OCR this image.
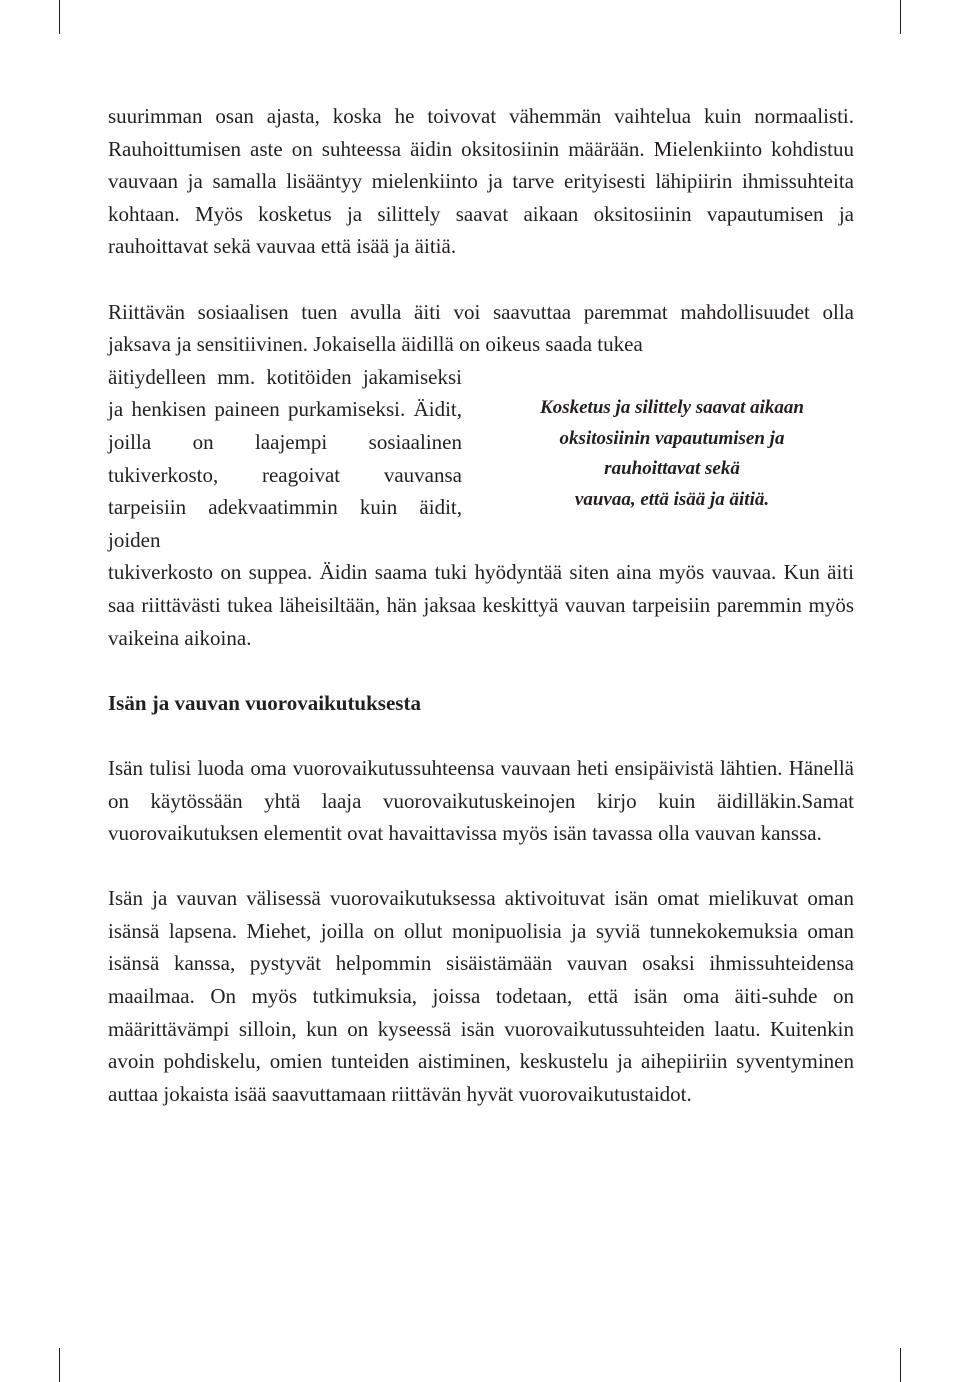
suurimman osan ajasta, koska he toivovat vähemmän vaihtelua kuin normaalisti. Rauhoittumisen aste on suhteessa äidin oksitosiinin määrään. Mielenkiinto kohdistuu vauvaan ja samalla lisääntyy mielenkiinto ja tarve erityisesti lähipiirin ihmissuhteita kohtaan. Myös kosketus ja silittely saavat aikaan oksitosiinin vapautumisen ja rauhoittavat sekä vauvaa että isää ja äitiä.

Riittävän sosiaalisen tuen avulla äiti voi saavuttaa paremmat mahdollisuudet olla jaksava ja sensitiivinen. Jokaisella äidillä on oikeus saada tukea

äitiydelleen mm. kotitöiden jakamiseksi ja henkisen paineen purkamiseksi. Äidit, joilla on laajempi sosiaalinen tukiverkosto, reagoivat vauvansa tarpeisiin adekvaatimmin kuin äidit, joiden

Kosketus ja silittely saavat aikaan
oksitosiinin vapautumisen ja
rauhoittavat sekä
vauvaa, että isää ja äitiä.

tukiverkosto on suppea. Äidin saama tuki hyödyntää siten aina myös vauvaa. Kun äiti saa riittävästi tukea läheisiltään, hän jaksaa keskittyä vauvan tarpeisiin paremmin myös vaikeina aikoina.

Isän ja vauvan vuorovaikutuksesta

Isän tulisi luoda oma vuorovaikutussuhteensa vauvaan heti ensipäivistä lähtien. Hänellä on käytössään yhtä laaja vuorovaikutuskeinojen kirjo kuin äidilläkin.Samat vuorovaikutuksen elementit ovat havaittavissa myös isän tavassa olla vauvan kanssa.

Isän ja vauvan välisessä vuorovaikutuksessa aktivoituvat isän omat mielikuvat oman isänsä lapsena. Miehet, joilla on ollut monipuolisia ja syviä tunnekokemuksia oman isänsä kanssa, pystyvät helpommin sisäistämään vauvan osaksi ihmissuhteidensa maailmaa. On myös tutkimuksia, joissa todetaan, että isän oma äiti-suhde on määrittävämpi silloin, kun on kyseessä isän vuorovaikutussuhteiden laatu. Kuitenkin avoin pohdiskelu, omien tunteiden aistiminen, keskustelu ja aihepiiriin syventyminen auttaa jokaista isää saavuttamaan riittävän hyvät vuorovaikutustaidot.
